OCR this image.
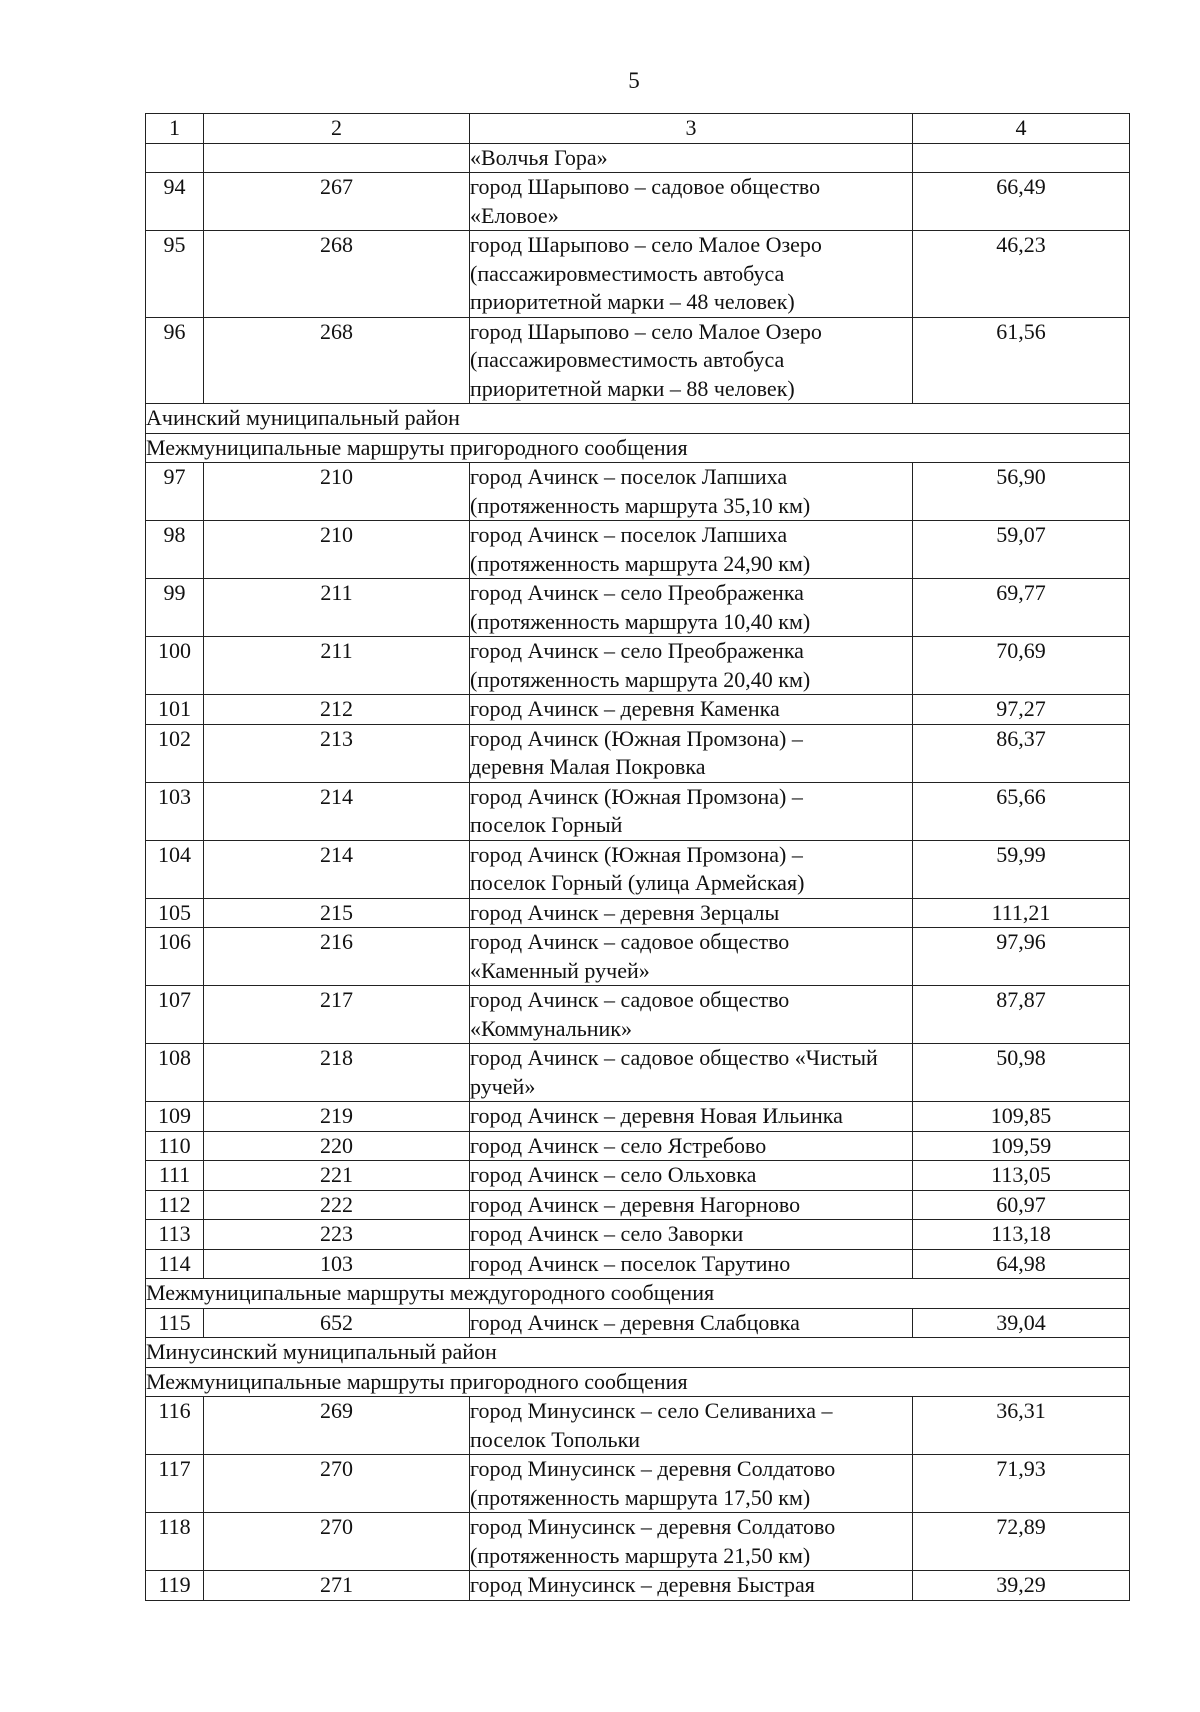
5
1	2	3	4

		«Волчья Гора»	

94	267	город Шарыпово – садовое общество
«Еловое»	66,49
95	268	город Шарыпово – село Малое Озеро
(пассажировместимость автобуса
приоритетной марки – 48 человек)	46,23
96	268	город Шарыпово – село Малое Озеро
(пассажировместимость автобуса
приоритетной марки – 88 человек)	61,56
Ачинский муниципальный район			
Межмуниципальные маршруты пригородного сообщения			
97	210	город Ачинск – поселок Лапшиха
(протяженность маршрута 35,10 км)	56,90
98	210	город Ачинск – поселок Лапшиха
(протяженность маршрута 24,90 км)	59,07
99	211	город Ачинск – село Преображенка
(протяженность маршрута 10,40 км)	69,77
100	211	город Ачинск – село Преображенка
(протяженность маршрута 20,40 км)	70,69
101	212	город Ачинск – деревня Каменка	97,27
102	213	город Ачинск (Южная Промзона) –
деревня Малая Покровка	86,37
103	214	город Ачинск (Южная Промзона) –
поселок Горный	65,66
104	214	город Ачинск (Южная Промзона) –
поселок Горный (улица Армейская)	59,99
105	215	город Ачинск – деревня Зерцалы	111,21
106	216	город Ачинск – садовое общество
«Каменный ручей»	97,96
107	217	город Ачинск – садовое общество
«Коммунальник»	87,87
108	218	город Ачинск – садовое общество «Чистый
ручей»	50,98
109	219	город Ачинск – деревня Новая Ильинка	109,85
110	220	город Ачинск – село Ястребово	109,59
111	221	город Ачинск – село Ольховка	113,05
112	222	город Ачинск – деревня Нагорново	60,97
113	223	город Ачинск – село Заворки	113,18
114	103	город Ачинск – поселок Тарутино	64,98
Межмуниципальные маршруты междугородного сообщения			
115	652	город Ачинск – деревня Слабцовка	39,04
Минусинский муниципальный район			
Межмуниципальные маршруты пригородного сообщения			
116	269	город Минусинск – село Селиваниха –
поселок Топольки	36,31
117	270	город Минусинск – деревня Солдатово
(протяженность маршрута 17,50 км)	71,93
118	270	город Минусинск – деревня Солдатово
(протяженность маршрута 21,50 км)	72,89
119	271	город Минусинск – деревня Быстрая	39,29
